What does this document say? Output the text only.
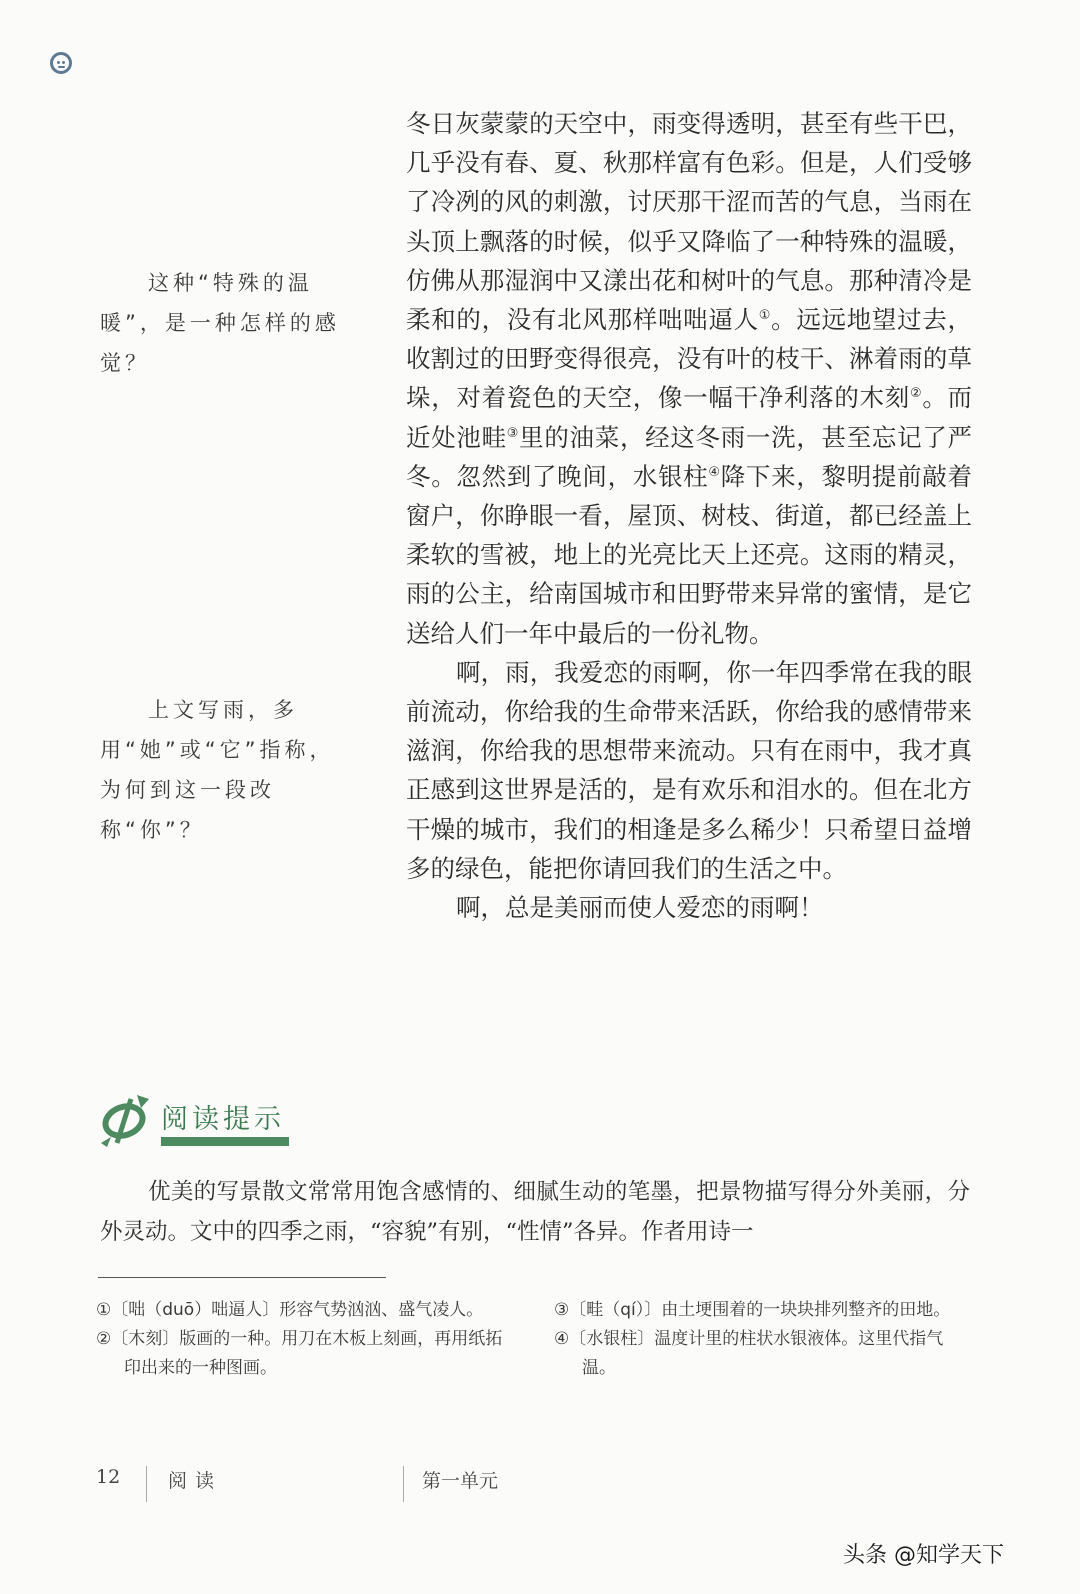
这种“特殊的温暖”，是一种怎样的感觉？
上文写雨，多用“她”或“它”指称，为何到这一段改称“你”？

冬日灰蒙蒙的天空中，雨变得透明，甚至有些干巴，几乎没有春、夏、秋那样富有色彩。但是，人们受够了冷冽的风的刺激，讨厌那干涩而苦的气息，当雨在头顶上飘落的时候，似乎又降临了一种特殊的温暖，仿佛从那湿润中又漾出花和树叶的气息。那种清冷是柔和的，没有北风那样咄咄逼人①。远远地望过去，收割过的田野变得很亮，没有叶的枝干、淋着雨的草垛，对着瓷色的天空，像一幅干净利落的木刻②。而近处池畦③里的油菜，经这冬雨一洗，甚至忘记了严冬。忽然到了晚间，水银柱④降下来，黎明提前敲着窗户，你睁眼一看，屋顶、树枝、街道，都已经盖上柔软的雪被，地上的光亮比天上还亮。这雨的精灵，雨的公主，给南国城市和田野带来异常的蜜情，是它送给人们一年中最后的一份礼物。

啊，雨，我爱恋的雨啊，你一年四季常在我的眼前流动，你给我的生命带来活跃，你给我的感情带来滋润，你给我的思想带来流动。只有在雨中，我才真正感到这世界是活的，是有欢乐和泪水的。但在北方干燥的城市，我们的相逢是多么稀少！只希望日益增多的绿色，能把你请回我们的生活之中。

啊，总是美丽而使人爱恋的雨啊！

阅读提示
优美的写景散文常常用饱含感情的、细腻生动的笔墨，把景物描写得分外美丽，分外灵动。文中的四季之雨，“容貌”有别，“性情”各异。作者用诗一
①〔咄（duō）咄逼人〕形容气势汹汹、盛气凌人。
②〔木刻〕版画的一种。用刀在木板上刻画，再用纸拓印出来的一种图画。
③〔畦（qí）〕由土埂围着的一块块排列整齐的田地。
④〔水银柱〕温度计里的柱状水银液体。这里代指气温。
12	阅读	第一单元
头条 @知学天下
